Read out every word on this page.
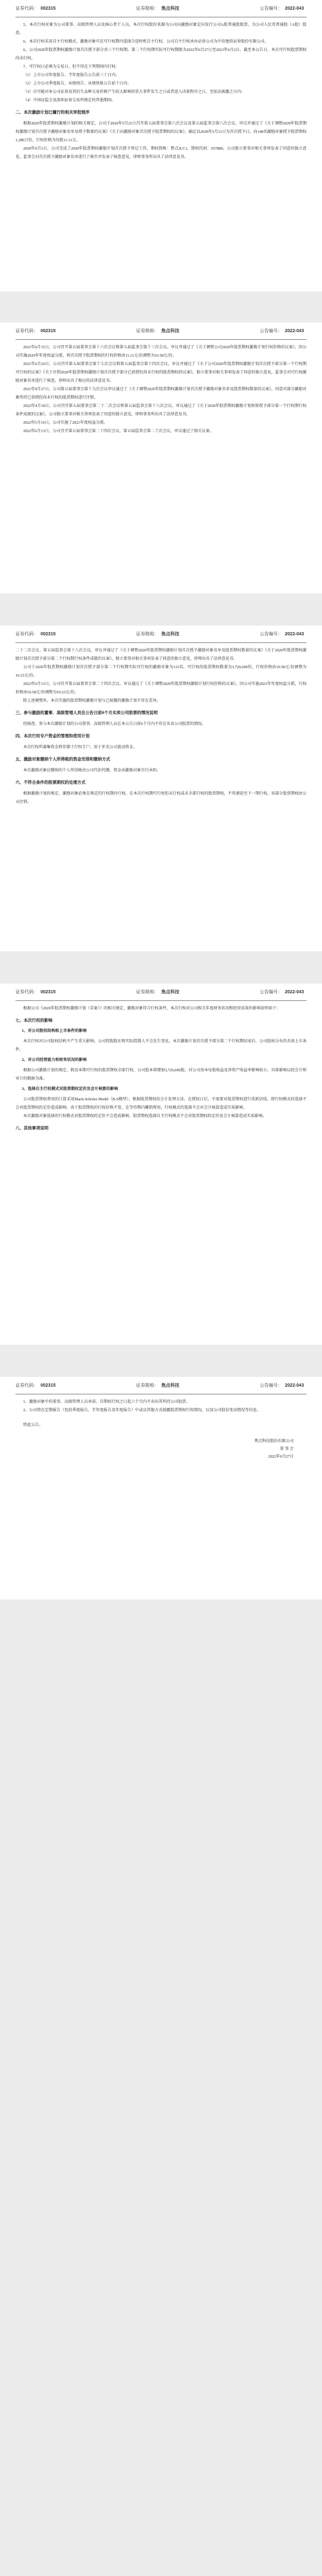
证券代码： 002315	证券简称： 焦点科技	公告编号： 2022-043

5、本次行权对象为公司董事、高级管理人员及核心骨干人员，本次行权股份来源为公司向激励对象定向发行公司A股普通股股票，为公司人民币普通股（A股）股票。

6、本次行权采用自主行权模式，激励对象可在可行权期内选择合适时机自主行权。公司自主行权承办证券公司为中信建投证券股份有限公司。

6、公司2020年股票期权激励计划首次授予部分共三个行权期，第二个行权期实际可行权期限为2022年6月27日至2023年6月2日，截至本公告日，本次可行权股票期权尚未行权。

7、可行权日必须为交易日，但不得在下列期间内行权：

（1）上市公司年度报告、半年度报告公告前三十日内；

（2）上市公司季度报告、业绩预告、业绩快报公告前十日内；

（3）自可能对本公司证券及其衍生品种交易价格产生较大影响的重大事件发生之日或者进入决策程序之日，至依法披露之日内；

（4）中国证监会及深圳证券交易所规定的其他期间。

二、本次激励计划已履行的相关审批程序

根据2020年股票期权激励计划的相关规定，公司于2020年5月21日召开第五届董事会第六次会议及第五届监事会第六次会议，审议并通过了《关于调整2020年股票期权激励计划首次授予激励对象名单及授予数量的议案》《关于向激励对象首次授予股票期权的议案》，确定以2020年5月21日为首次授予日，向148名激励对象授予股票期权1,280万份，行权价格为每股11.11元。

2020年6月3日，公司完成了2020年股票期权激励计划首次授予登记工作，期权简称：焦点JLC1，期权代码：037880。公司独立董事对相关事项发表了同意的独立意见，监事会对首次授予激励对象名单进行了核实并发表了核查意见，律师事务所出具了法律意见书。

证券代码： 002315	证券简称： 焦点科技	公告编号： 2022-043

2021年6月15日，公司召开第五届董事会第十六次会议和第五届监事会第十三次会议，审议并通过了《关于调整公司2020年股票期权激励计划行权价格的议案》，因公司实施2020年年度权益分派，将首次授予股票期权的行权价格由11.11元/份调整为10.58元/份。

2021年6月24日，公司召开第五届董事会第十七次会议和第五届监事会第十四次会议，审议并通过了《关于公司2020年股票期权激励计划首次授予部分第一个行权期可行权的议案》《关于注销2020年股票期权激励计划首次授予部分已获授但尚未行权的股票期权的议案》，独立董事对相关事项发表了同意的独立意见，监事会对可行权激励对象名单进行了核查，律师出具了相应的法律意见书。

2021年9月27日，公司第五届董事会第十九次会议审议通过了《关于调整2020年股票期权激励计划首次授予激励对象名单及股票期权数量的议案》，同意对部分激励对象所持已获授但尚未行权的股票期权进行注销。

2022年4月18日，公司召开第五届董事会第二十二次会议和第五届监事会第十八次会议，审议通过了《关于2020年股票期权激励计划预留授予部分第一个行权期行权条件成就的议案》，公司独立董事对相关事项发表了同意的独立意见，律师事务所出具了法律意见书。

2022年5月16日，公司实施了2021年度权益分派。

2022年6月13日，公司召开第五届董事会第二十四次会议、第五届监事会第二十次会议，审议通过了相关议案。

证券代码： 002315	证券简称： 焦点科技	公告编号： 2022-043

二十二次会议、第五届监事会第十八次会议，审议并通过了《关于调整2020年股票期权激励计划首次授予激励对象名单及股票期权数量的议案》《关于2020年股票期权激励计划首次授予部分第二个行权期行权条件成就的议案》，独立董事对相关事项发表了同意的独立意见，律师出具了法律意见书。

公司于2020年股票期权激励计划首次授予部分第二个行权期实际可行权的激励对象为133名，可行权的股票期权数量为3,720,690份，行权价格由10.58元/份调整为10.23元/份。

2022年6月13日，公司召开第五届董事会第二十四次会议，审议通过了《关于调整2020年股票期权激励计划行权价格的议案》，因公司实施2021年年度权益分派，行权价格由10.58元/份调整为10.23元/份。

除上述调整外，本次实施的股票期权激励计划与已披露的激励计划不存在差异。

三、参与激励的董事、高级管理人员在公告日前6个月买卖公司股票的情况说明

经核查，参与本次激励计划的公司董事、高级管理人员在本公告日前6个月内不存在买卖公司股票的情况。

四、本次行权专户资金的管理和使用计划

本次行权所募集资金将存储于行权专户，用于补充公司流动资金。

五、激励对象缴纳个人所得税的资金安排和缴纳方式

本次激励对象应缴纳的个人所得税由公司代扣代缴，资金由激励对象自行承担。

六、不符合条件的股票期权的处理方式

根据激励计划的规定，激励对象必须在规定的行权期内行权，在本次行权期可行权但未行权或未全部行权的股票期权，不得递延至下一期行权，该部分股票期权由公司注销。

证券代码： 002315	证券简称： 焦点科技	公告编号： 2022-043

根据公司《2020年股票期权激励计划（草案）》的相关规定，激励对象符合行权条件，本次行权对公司相关年度财务状况和经营成果的影响说明如下：

七、本次行权的影响
1、对公司股权结构和上市条件的影响

本次行权对公司股权结构不产生重大影响，公司控股股东和实际控制人不会发生变化。本次激励计划首次授予部分第二个行权期结束后，公司股权分布仍具备上市条件。

2、对公司经营能力和财务状况的影响

根据公司激励计划的规定，假设本期可行权的股票期权全部行权，公司股本将增加3,720,690股，对公司基本每股收益及净资产收益率影响较小，具体影响以经会计师审计的数据为准。

3、选择自主行权模式对股票期权定价及会计核算的影响

公司股票期权费用的计算采用Black-Scholes Model（B-S模型），根据股票期权的会计处理方法，在授权日后，不需要对股票期权进行重新估值，即行权模式的选择不会对股票期权的定价造成影响。由于股票期权的行权价格不变，在等待期内摊销费用，行权模式的选择不会对会计核算造成实质影响。

本次激励对象选择的行权模式对股票期权的定价不会造成影响，股票期权选择自主行权模式不会对股票期权的定价及会计核算造成实质影响。

八、其他事项说明
证券代码： 002315	证券简称： 焦点科技	公告编号： 2022-043

1、激励对象中的董事、高级管理人员承诺，自期权行权之日起六个月内不卖出其所持公司股票。

2、公司将在定期报告（包括季度报告、半年度报告及年度报告）中或以其他方式披露股票期权行权情况，以及公司股份变动情况等信息。

特此公告。

焦点科技股份有限公司
董 事 会
2022年6月27日
